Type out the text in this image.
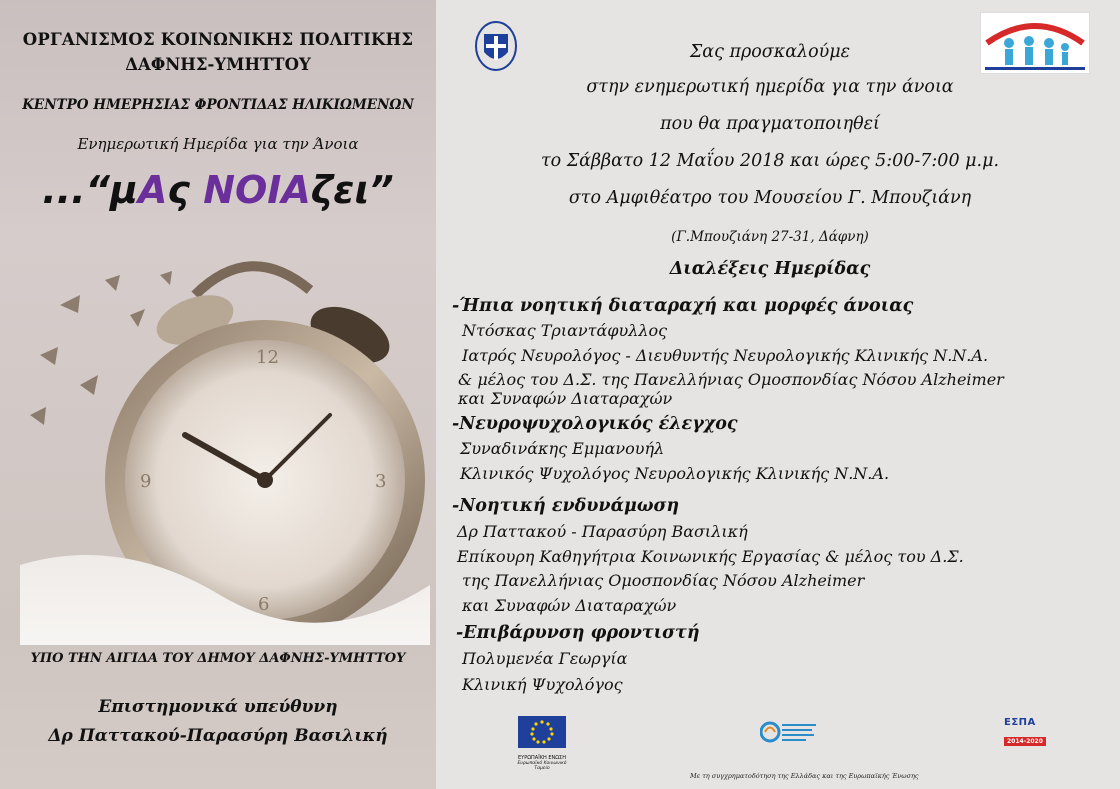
ΟΡΓΑΝΙΣΜΟΣ ΚΟΙΝΩΝΙΚΗΣ ΠΟΛΙΤΙΚΗΣ
ΔΑΦΝΗΣ-ΥΜΗΤΤΟΥ
ΚΕΝΤΡΟ ΗΜΕΡΗΣΙΑΣ ΦΡΟΝΤΙΔΑΣ ΗΛΙΚΙΩΜΕΝΩΝ
Ενημερωτική Ημερίδα για την Άνοια
...“μΑς ΝΟΙΑζει”
12
3
6
9
ΥΠΟ ΤΗΝ ΑΙΓΙΔΑ ΤΟΥ ΔΗΜΟΥ ΔΑΦΝΗΣ-ΥΜΗΤΤΟΥ
Επιστημονικά υπεύθυνη
Δρ Παττακού-Παρασύρη Βασιλική
Σας προσκαλούμε
στην ενημερωτική ημερίδα για την άνοια
που θα πραγματοποιηθεί
το Σάββατο 12 Μαΐου 2018 και ώρες 5:00-7:00 μ.μ.
στο Αμφιθέατρο του Μουσείου Γ. Μπουζιάνη
(Γ.Μπουζιάνη 27-31, Δάφνη)
Διαλέξεις Ημερίδας
-Ήπια νοητική διαταραχή και μορφές άνοιας
Ντόσκας Τριαντάφυλλος
Ιατρός Νευρολόγος - Διευθυντής Νευρολογικής Κλινικής Ν.Ν.Α.
& μέλος του Δ.Σ. της Πανελλήνιας Ομοσπονδίας Νόσου Alzheimer
και Συναφών Διαταραχών
-Νευροψυχολογικός έλεγχος
Συναδινάκης Εμμανουήλ
Κλινικός Ψυχολόγος Νευρολογικής Κλινικής Ν.Ν.Α.
-Νοητική ενδυνάμωση
Δρ Παττακού - Παρασύρη Βασιλική
Επίκουρη Καθηγήτρια Κοινωνικής Εργασίας & μέλος του Δ.Σ.
της Πανελλήνιας Ομοσπονδίας Νόσου Alzheimer
και Συναφών Διαταραχών
-Επιβάρυνση φροντιστή
Πολυμενέα Γεωργία
Κλινική Ψυχολόγος
ΕΥΡΩΠΑΪΚΗ ΕΝΩΣΗ
Ευρωπαϊκό Κοινωνικό Ταμείο
ΕΣΠΑ
2014-2020
Με τη συγχρηματοδότηση της Ελλάδας και της Ευρωπαϊκής Ένωσης
